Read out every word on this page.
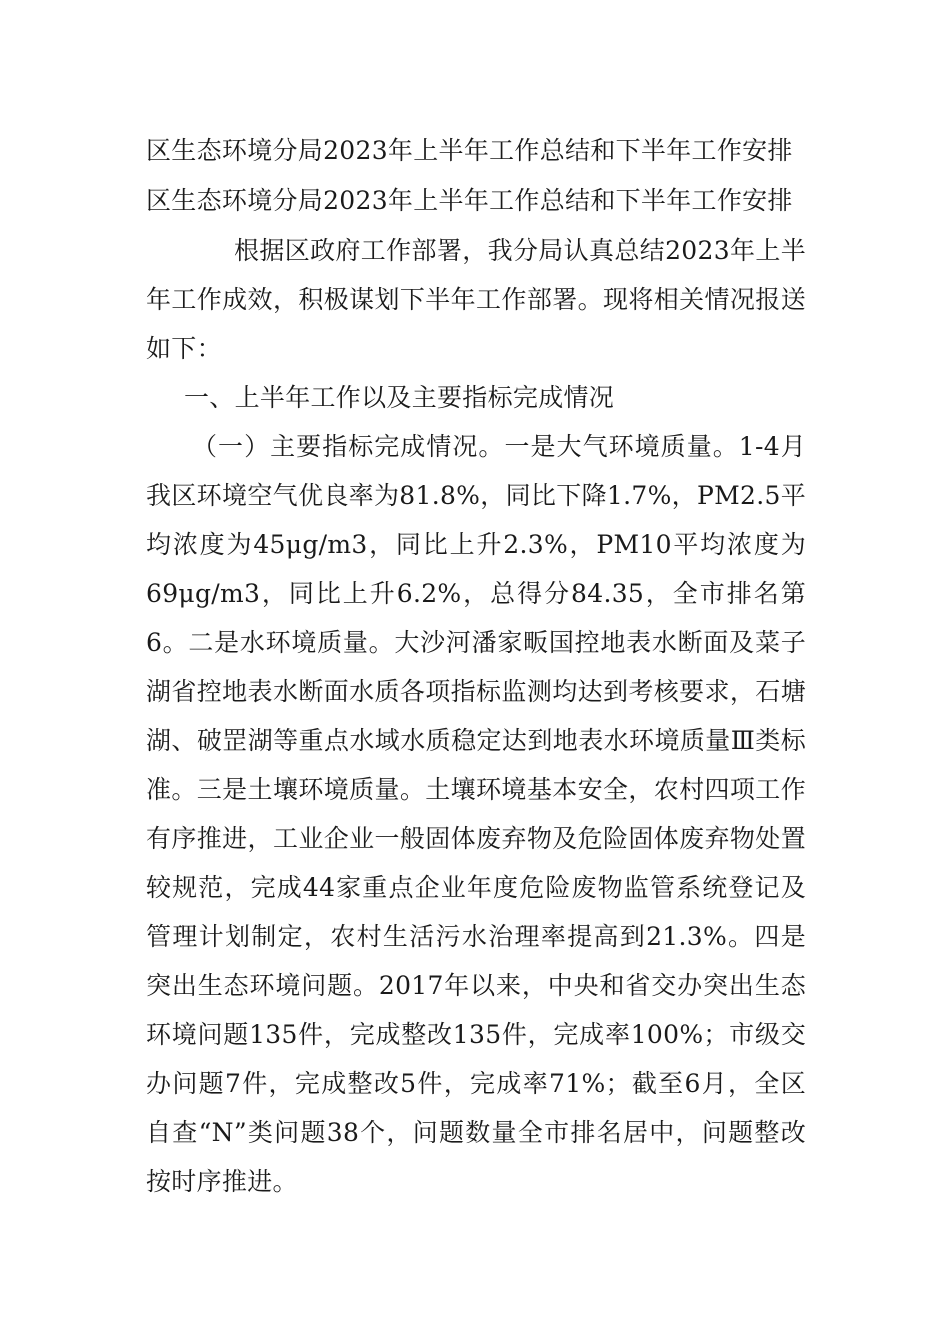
区生态环境分局2023年上半年工作总结和下半年工作安排
区生态环境分局2023年上半年工作总结和下半年工作安排

根据区政府工作部署，我分局认真总结2023年上半年工作成效，积极谋划下半年工作部署。现将相关情况报送如下：

一、上半年工作以及主要指标完成情况

（一）主要指标完成情况。一是大气环境质量。1-4月我区环境空气优良率为81.8%，同比下降1.7%，PM2.5平均浓度为45μg/m3，同比上升2.3%，PM10平均浓度为69μg/m3，同比上升6.2%，总得分84.35，全市排名第6。二是水环境质量。大沙河潘家畈国控地表水断面及菜子湖省控地表水断面水质各项指标监测均达到考核要求，石塘湖、破罡湖等重点水域水质稳定达到地表水环境质量Ⅲ类标准。三是土壤环境质量。土壤环境基本安全，农村四项工作有序推进，工业企业一般固体废弃物及危险固体废弃物处置较规范，完成44家重点企业年度危险废物监管系统登记及管理计划制定，农村生活污水治理率提高到21.3%。四是突出生态环境问题。2017年以来，中央和省交办突出生态环境问题135件，完成整改135件，完成率100%；市级交办问题7件，完成整改5件，完成率71%；截至6月，全区自查“N”类问题38个，问题数量全市排名居中，问题整改按时序推进。
